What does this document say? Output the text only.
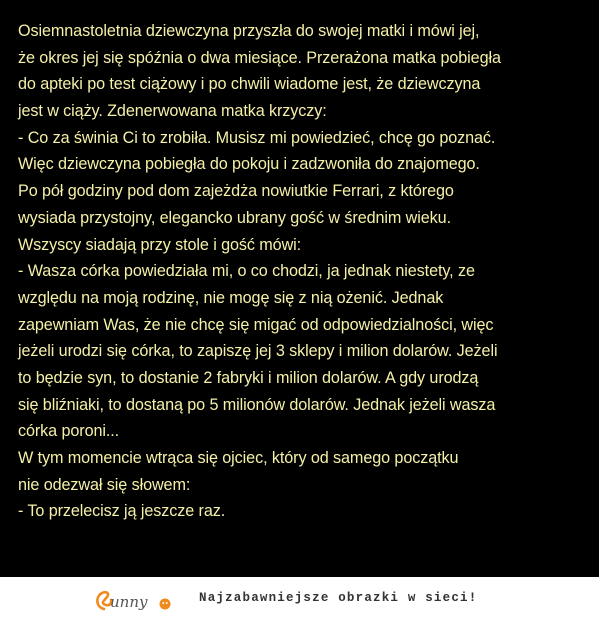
Osiemnastoletnia dziewczyna przyszła do swojej matki i mówi jej,
że okres jej się spóźnia o dwa miesiące. Przerażona matka pobiegła
do apteki po test ciążowy i po chwili wiadome jest, że dziewczyna
jest w ciąży. Zdenerwowana matka krzyczy:
- Co za świnia Ci to zrobiła. Musisz mi powiedzieć, chcę go poznać.
Więc dziewczyna pobiegła do pokoju i zadzwoniła do znajomego.
Po pół godziny pod dom zajeżdża nowiutkie Ferrari, z którego
wysiada przystojny, elegancko ubrany gość w średnim wieku.
Wszyscy siadają przy stole i gość mówi:
- Wasza córka powiedziała mi, o co chodzi, ja jednak niestety, ze
względu na moją rodzinę, nie mogę się z nią ożenić. Jednak
zapewniam Was, że nie chcę się migać od odpowiedzialności, więc
jeżeli urodzi się córka, to zapiszę jej 3 sklepy i milion dolarów. Jeżeli
to będzie syn, to dostanie 2 fabryki i milion dolarów. A gdy urodzą
się bliźniaki, to dostaną po 5 milionów dolarów. Jednak jeżeli wasza
córka poroni...
W tym momencie wtrąca się ojciec, który od samego początku
nie odezwał się słowem:
- To przelecisz ją jeszcze raz.
unny	Najzabawniejsze obrazki w sieci!
